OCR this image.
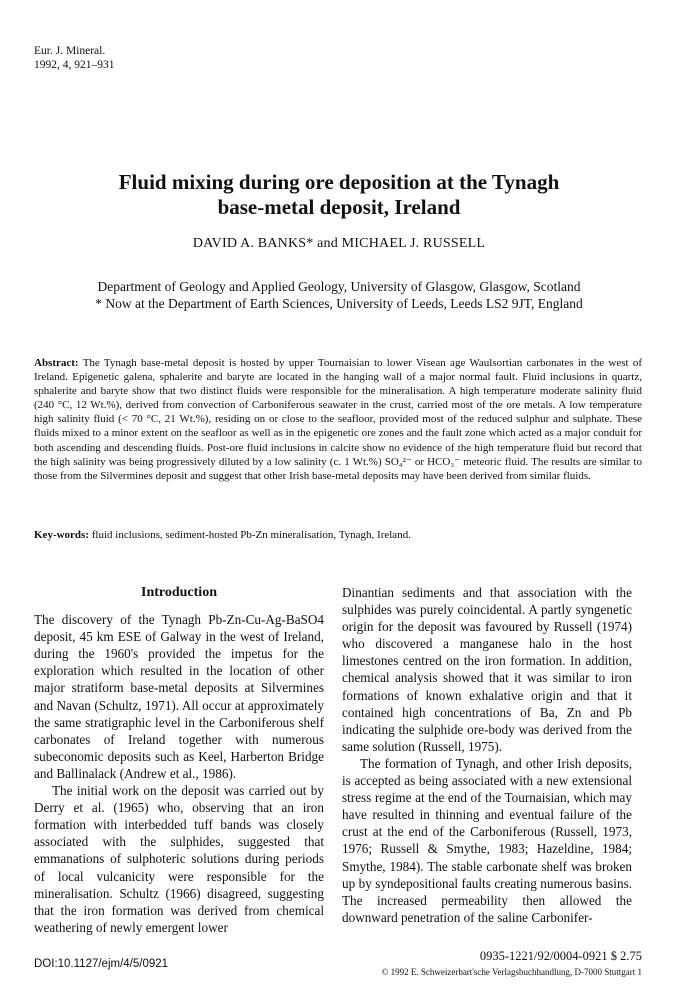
Eur. J. Mineral.
1992, 4, 921–931
Fluid mixing during ore deposition at the Tynagh
base-metal deposit, Ireland
DAVID A. BANKS* and MICHAEL J. RUSSELL
Department of Geology and Applied Geology, University of Glasgow, Glasgow, Scotland
* Now at the Department of Earth Sciences, University of Leeds, Leeds LS2 9JT, England
Abstract: The Tynagh base-metal deposit is hosted by upper Tournaisian to lower Visean age Waulsortian carbonates in the west of Ireland. Epigenetic galena, sphalerite and baryte are located in the hanging wall of a major normal fault. Fluid inclusions in quartz, sphalerite and baryte show that two distinct fluids were responsible for the mineralisation. A high temperature moderate salinity fluid (240 °C, 12 Wt.%), derived from convection of Carboniferous seawater in the crust, carried most of the ore metals. A low temperature high salinity fluid (< 70 °C, 21 Wt.%), residing on or close to the seafloor, provided most of the reduced sulphur and sulphate. These fluids mixed to a minor extent on the seafloor as well as in the epigenetic ore zones and the fault zone which acted as a major conduit for both ascending and descending fluids. Post-ore fluid inclusions in calcite show no evidence of the high temperature fluid but record that the high salinity was being progressively diluted by a low salinity (c. 1 Wt.%) SO₄²⁻ or HCO₃⁻ meteoric fluid. The results are similar to those from the Silvermines deposit and suggest that other Irish base-metal deposits may have been derived from similar fluids.
Key-words: fluid inclusions, sediment-hosted Pb-Zn mineralisation, Tynagh, Ireland.
Introduction

The discovery of the Tynagh Pb-Zn-Cu-Ag-BaSO4 deposit, 45 km ESE of Galway in the west of Ireland, during the 1960's provided the impetus for the exploration which resulted in the location of other major stratiform base-metal deposits at Silvermines and Navan (Schultz, 1971). All occur at approximately the same stratigraphic level in the Carboniferous shelf carbonates of Ireland together with numerous subeconomic deposits such as Keel, Harberton Bridge and Ballinalack (Andrew et al., 1986).

The initial work on the deposit was carried out by Derry et al. (1965) who, observing that an iron formation with interbedded tuff bands was closely associated with the sulphides, suggested that emmanations of sulphoteric solutions during periods of local vulcanicity were responsible for the mineralisation. Schultz (1966) disagreed, suggesting that the iron formation was derived from chemical weathering of newly emergent lower

Dinantian sediments and that association with the sulphides was purely coincidental. A partly syngenetic origin for the deposit was favoured by Russell (1974) who discovered a manganese halo in the host limestones centred on the iron formation. In addition, chemical analysis showed that it was similar to iron formations of known exhalative origin and that it contained high concentrations of Ba, Zn and Pb indicating the sulphide ore-body was derived from the same solution (Russell, 1975).

The formation of Tynagh, and other Irish deposits, is accepted as being associated with a new extensional stress regime at the end of the Tournaisian, which may have resulted in thinning and eventual failure of the crust at the end of the Carboniferous (Russell, 1973, 1976; Russell & Smythe, 1983; Hazeldine, 1984; Smythe, 1984). The stable carbonate shelf was broken up by syndepositional faults creating numerous basins. The increased permeability then allowed the downward penetration of the saline Carbonifer-

DOI:10.1127/ejm/4/5/0921
0935-1221/92/0004-0921 $ 2.75
© 1992 E. Schweizerbart'sche Verlagsbuchhandlung, D-7000 Stuttgart 1
